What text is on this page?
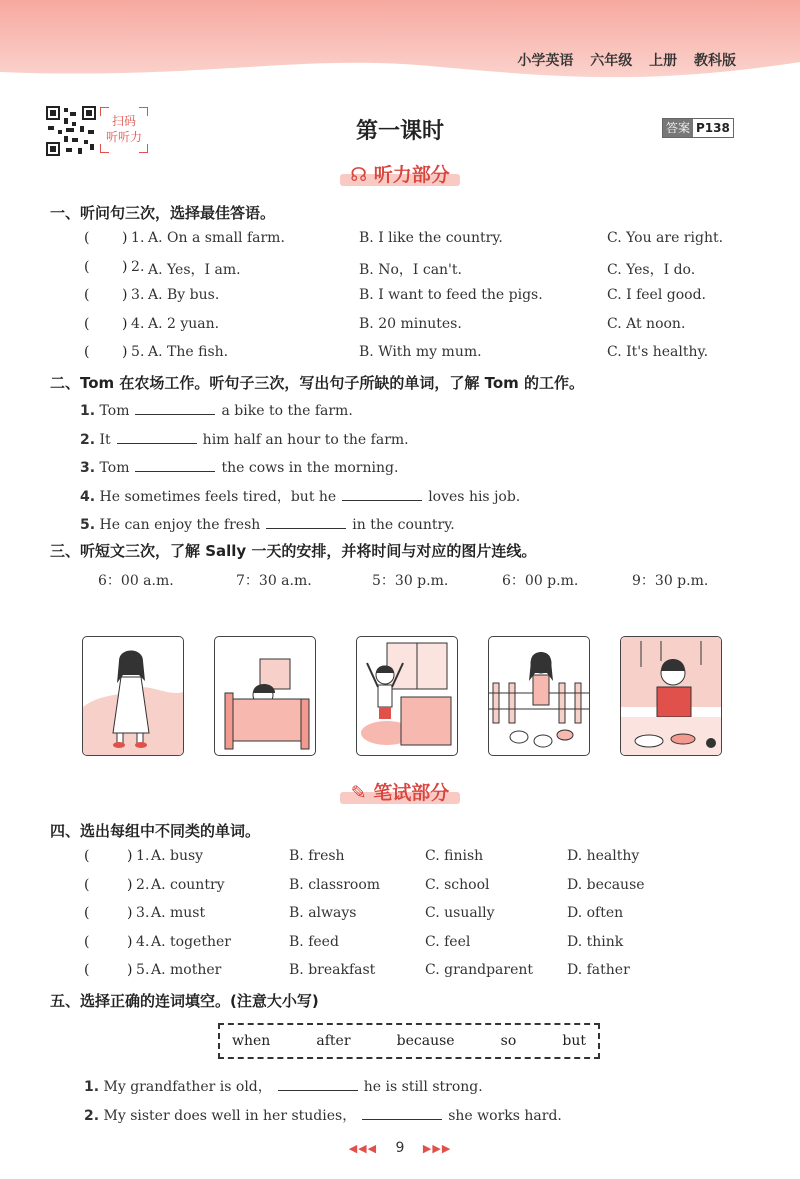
小学英语 六年级 上册 教科版
扫码
听听力	第一课时	答案 P138
☊ 听力部分
一、听问句三次，选择最佳答语。
( ) 1 . A. On a small farm.	B. I like the country.	C. You are right.
( ) 2 . A. Yes，I am.	B. No，I can't.	C. Yes，I do.
( ) 3 . A. By bus.	B. I want to feed the pigs.	C. I feel good.
( ) 4 . A. 2 yuan.	B. 20 minutes.	C. At noon.
( ) 5 . A. The fish.	B. With my mum.	C. It's healthy.
二、Tom 在农场工作。听句子三次，写出句子所缺的单词，了解 Tom 的工作。
1. Tom	a bike to the farm.
2. It	him half an hour to the farm.
3. Tom	the cows in the morning.
4. He sometimes feels tired，but he	loves his job.
5. He can enjoy the fresh	in the country.
三、听短文三次，了解 Sally 一天的安排，并将时间与对应的图片连线。
6：00 a.m.	7：30 a.m.	5：30 p.m.	6：00 p.m.	9：30 p.m.
✎ 笔试部分
四、选出每组中不同类的单词。
(	) 1 . A. busy	B. fresh	C. finish	D. healthy
(	) 2 . A. country	B. classroom	C. school	D. because
(	) 3 . A. must	B. always	C. usually	D. often
(	) 4 . A. together	B. feed	C. feel	D. think
(	) 5 . A. mother	B. breakfast	C. grandparent D. father
五、选择正确的连词填空。(注意大小写)
when	after	because	so	but
1. My grandfather is old，	he is still strong.
2. My sister does well in her studies，	she works hard.
◀◀◀ 9 ▶▶▶
